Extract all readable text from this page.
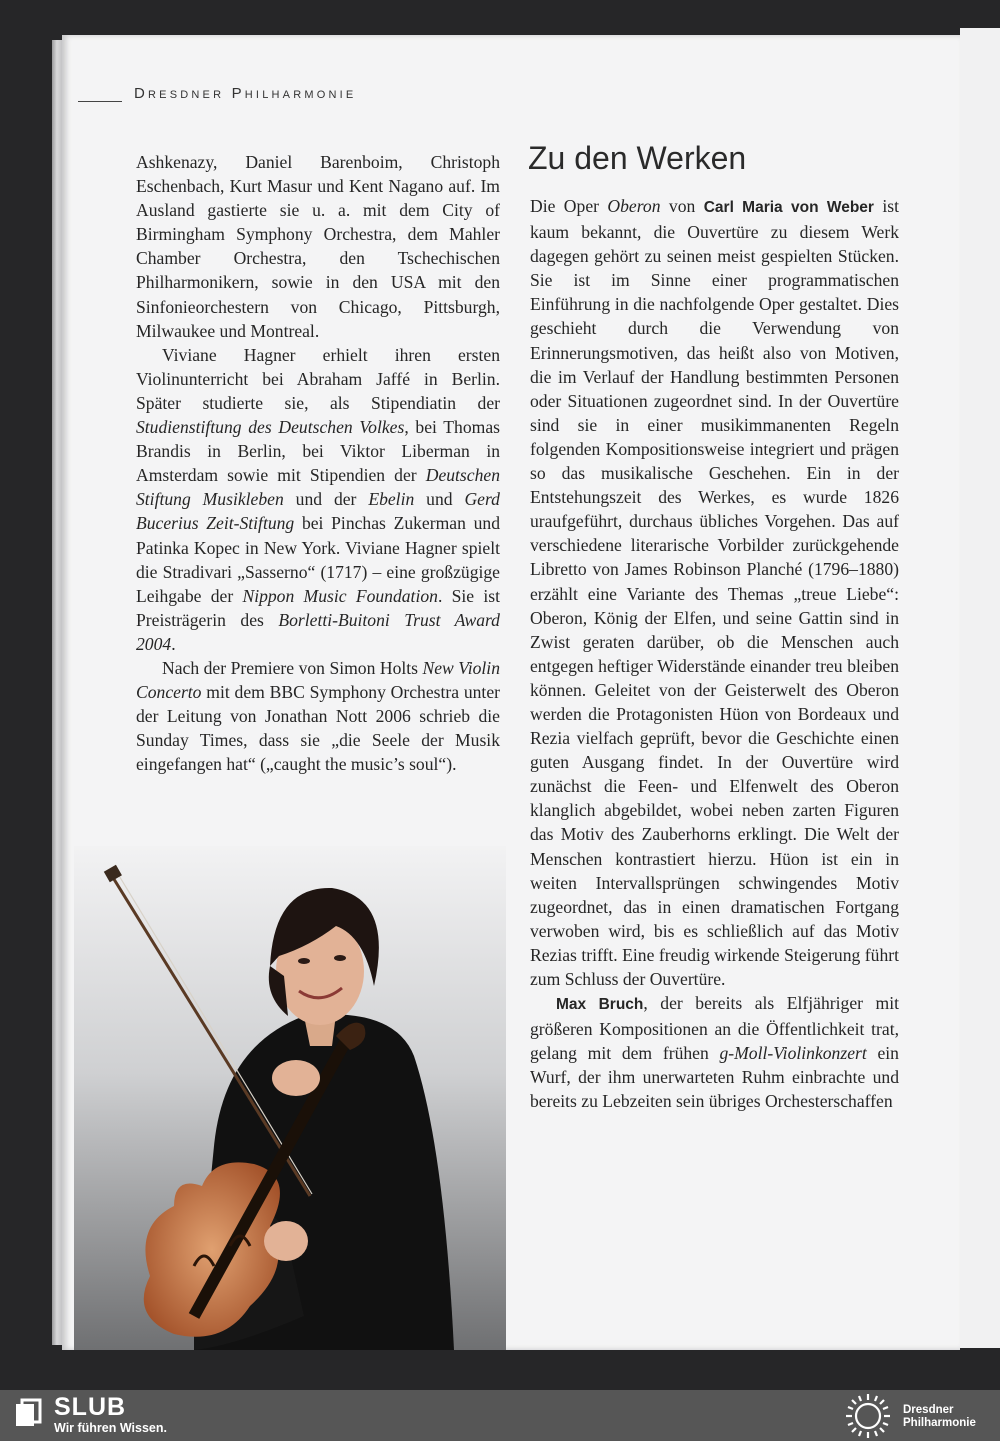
Dresdner Philharmonie

Ashkenazy, Daniel Barenboim, Christoph Eschenbach, Kurt Masur und Kent Nagano auf. Im Ausland gastierte sie u. a. mit dem City of Birmingham Symphony Orchestra, dem Mahler Chamber Orchestra, den Tschechischen Philharmonikern, sowie in den USA mit den Sinfonieorchestern von Chicago, Pittsburgh, Milwaukee und Montreal.

Viviane Hagner erhielt ihren ersten Violinunterricht bei Abraham Jaffé in Berlin. Später studierte sie, als Stipendiatin der Studienstiftung des Deutschen Volkes, bei Thomas Brandis in Berlin, bei Viktor Liberman in Amsterdam sowie mit Stipendien der Deutschen Stiftung Musikleben und der Ebelin und Gerd Bucerius Zeit-Stiftung bei Pinchas Zukerman und Patinka Kopec in New York. Viviane Hagner spielt die Stradivari „Sasserno“ (1717) – eine großzügige Leihgabe der Nippon Music Foundation. Sie ist Preisträgerin des Borletti-Buitoni Trust Award 2004.

Nach der Premiere von Simon Holts New Violin Concerto mit dem BBC Symphony Orchestra unter der Leitung von Jonathan Nott 2006 schrieb die Sunday Times, dass sie „die Seele der Musik eingefangen hat“ („caught the music’s soul“).

Zu den Werken

Die Oper Oberon von Carl Maria von Weber ist kaum bekannt, die Ouvertüre zu diesem Werk dagegen gehört zu seinen meist gespielten Stücken. Sie ist im Sinne einer programmatischen Einführung in die nachfolgende Oper gestaltet. Dies geschieht durch die Verwendung von Erinnerungsmotiven, das heißt also von Motiven, die im Verlauf der Handlung bestimmten Personen oder Situationen zugeordnet sind. In der Ouvertüre sind sie in einer musikimmanenten Regeln folgenden Kompositionsweise integriert und prägen so das musikalische Geschehen. Ein in der Entstehungszeit des Werkes, es wurde 1826 uraufgeführt, durchaus übliches Vorgehen. Das auf verschiedene literarische Vorbilder zurückgehende Libretto von James Robinson Planché (1796–1880) erzählt eine Variante des Themas „treue Liebe“: Oberon, König der Elfen, und seine Gattin sind in Zwist geraten darüber, ob die Menschen auch entgegen heftiger Widerstände einander treu bleiben können. Geleitet von der Geisterwelt des Oberon werden die Protagonisten Hüon von Bordeaux und Rezia vielfach geprüft, bevor die Geschichte einen guten Ausgang findet. In der Ouvertüre wird zunächst die Feen- und Elfenwelt des Oberon klanglich abgebildet, wobei neben zarten Figuren das Motiv des Zauberhorns erklingt. Die Welt der Menschen kontrastiert hierzu. Hüon ist ein in weiten Intervallsprüngen schwingendes Motiv zugeordnet, das in einen dramatischen Fortgang verwoben wird, bis es schließlich auf das Motiv Rezias trifft. Eine freudig wirkende Steigerung führt zum Schluss der Ouvertüre.

Max Bruch, der bereits als Elfjähriger mit größeren Kompositionen an die Öffentlichkeit trat, gelang mit dem frühen g-Moll-Violinkonzert ein Wurf, der ihm unerwarteten Ruhm einbrachte und bereits zu Lebzeiten sein übriges Orchesterschaffen

SLUB
Wir führen Wissen.
Dresdner
Philharmonie
